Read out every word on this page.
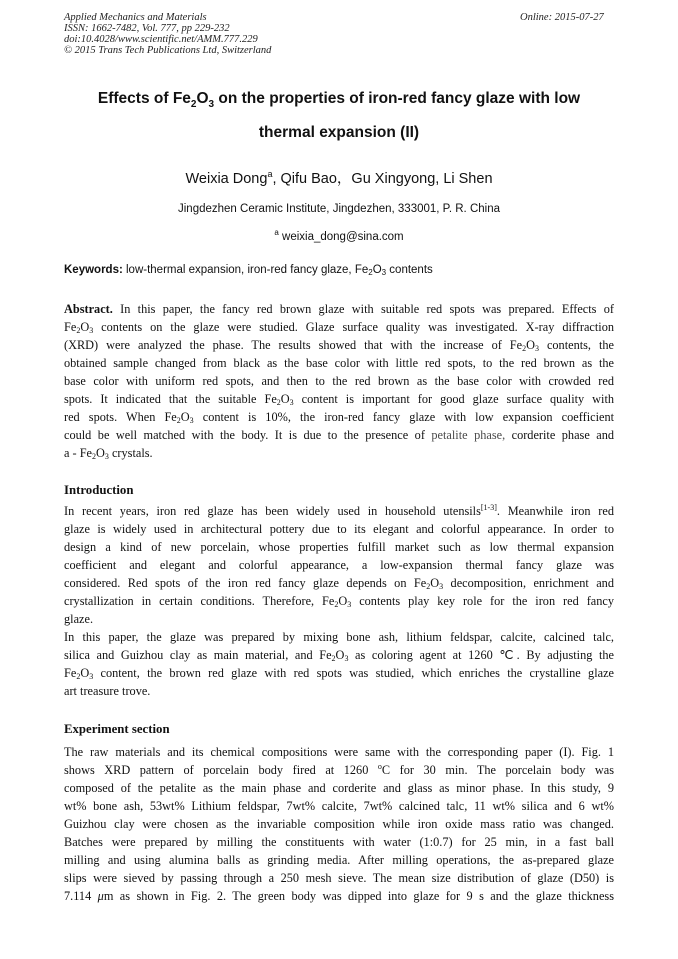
Applied Mechanics and Materials
ISSN: 1662-7482, Vol. 777, pp 229-232
doi:10.4028/www.scientific.net/AMM.777.229
© 2015 Trans Tech Publications Ltd, Switzerland
Online: 2015-07-27
Effects of $Fe_2O_3$ on the properties of iron-red fancy glaze with low
thermal expansion (II)
Weixia Dong$^a$, Qifu Bao，Gu Xingyong, Li Shen
Jingdezhen Ceramic Institute, Jingdezhen, 333001, P. R. China
$^a$ weixia_dong@sina.com
Keywords: low-thermal expansion, iron-red fancy glaze, $Fe_2O_3$ contents
Abstract. In this paper, the fancy red brown glaze with suitable red spots was prepared. Effects of
$Fe_2O_3$ contents on the glaze were studied. Glaze surface quality was investigated. X-ray diffraction
(XRD) were analyzed the phase. The results showed that with the increase of $Fe_2O_3$ contents, the
obtained sample changed from black as the base color with little red spots, to the red brown as the
base color with uniform red spots, and then to the red brown as the base color with crowded red
spots. It indicated that the suitable $Fe_2O_3$ content is important for good glaze surface quality with
red spots. When $Fe_2O_3$ content is 10%, the iron-red fancy glaze with low expansion coefficient
could be well matched with the body. It is due to the presence of petalite phase, corderite phase and
a - $Fe_2O_3$ crystals.
Introduction
In recent years, iron red glaze has been widely used in household utensils[1-3]. Meanwhile iron red
glaze is widely used in architectural pottery due to its elegant and colorful appearance. In order to
design a kind of new porcelain, whose properties fulfill market such as low thermal expansion
coefficient and elegant and colorful appearance, a low-expansion thermal fancy glaze was
considered. Red spots of the iron red fancy glaze depends on $Fe_2O_3$ decomposition, enrichment and
crystallization in certain conditions. Therefore, $Fe_2O_3$ contents play key role for the iron red fancy
glaze.
In this paper, the glaze was prepared by mixing bone ash, lithium feldspar, calcite, calcined talc,
silica and Guizhou clay as main material, and $Fe_2O_3$ as coloring agent at 1260 ℃. By adjusting the
$Fe_2O_3$ content, the brown red glaze with red spots was studied, which enriches the crystalline glaze
art treasure trove.
Experiment section
The raw materials and its chemical compositions were same with the corresponding paper (I). Fig. 1
shows XRD pattern of porcelain body fired at 1260 $^o$C for 30 min. The porcelain body was
composed of the petalite as the main phase and corderite and glass as minor phase. In this study, 9
wt% bone ash, 53wt% Lithium feldspar, 7wt% calcite, 7wt% calcined talc, 11 wt% silica and 6 wt%
Guizhou clay were chosen as the invariable composition while iron oxide mass ratio was changed.
Batches were prepared by milling the constituents with water (1:0.7) for 25 min, in a fast ball
milling and using alumina balls as grinding media. After milling operations, the as-prepared glaze
slips were sieved by passing through a 250 mesh sieve. The mean size distribution of glaze (D50) is
7.114 μm as shown in Fig. 2. The green body was dipped into glaze for 9 s and the glaze thickness
